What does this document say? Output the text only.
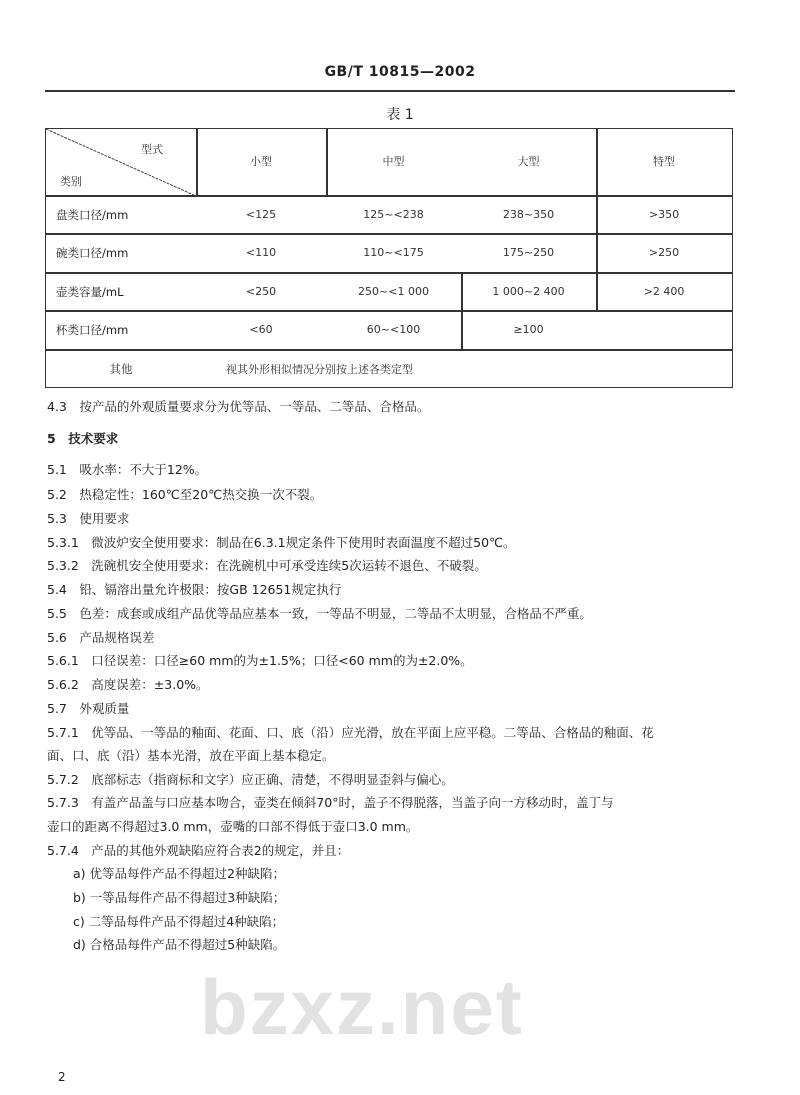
GB/T 10815—2002
表 1
型式
类别
小型	中型	大型	特型
盘类口径/mm	<125	125~<238	238~350	>350
碗类口径/mm	<110	110~<175	175~250	>250
壶类容量/mL	<250	250~<1 000	1 000~2 400	>2 400
杯类口径/mm	<60	60~<100	≥100
其他	视其外形相似情况分别按上述各类定型
4.3　按产品的外观质量要求分为优等品、一等品、二等品、合格品。
5　技术要求
5.1　吸水率：不大于12%。
5.2　热稳定性：160℃至20℃热交换一次不裂。
5.3　使用要求
5.3.1　微波炉安全使用要求：制品在6.3.1规定条件下使用时表面温度不超过50℃。
5.3.2　洗碗机安全使用要求：在洗碗机中可承受连续5次运转不退色、不破裂。
5.4　铅、镉溶出量允许极限：按GB 12651规定执行
5.5　色差：成套或成组产品优等品应基本一致，一等品不明显，二等品不太明显，合格品不严重。
5.6　产品规格误差
5.6.1　口径误差：口径≥60 mm的为±1.5%；口径<60 mm的为±2.0%。
5.6.2　高度误差：±3.0%。
5.7　外观质量
5.7.1　优等品、一等品的釉面、花面、口、底（沿）应光滑，放在平面上应平稳。二等品、合格品的釉面、花
面、口、底（沿）基本光滑，放在平面上基本稳定。
5.7.2　底部标志（指商标和文字）应正确、清楚，不得明显歪斜与偏心。
5.7.3　有盖产品盖与口应基本吻合，壶类在倾斜70°时，盖子不得脱落，当盖子向一方移动时，盖丁与
壶口的距离不得超过3.0 mm，壶嘴的口部不得低于壶口3.0 mm。
5.7.4　产品的其他外观缺陷应符合表2的规定，并且：
a) 优等品每件产品不得超过2种缺陷；
b) 一等品每件产品不得超过3种缺陷；
c) 二等品每件产品不得超过4种缺陷；
d) 合格品每件产品不得超过5种缺陷。
bzxz.net
2
